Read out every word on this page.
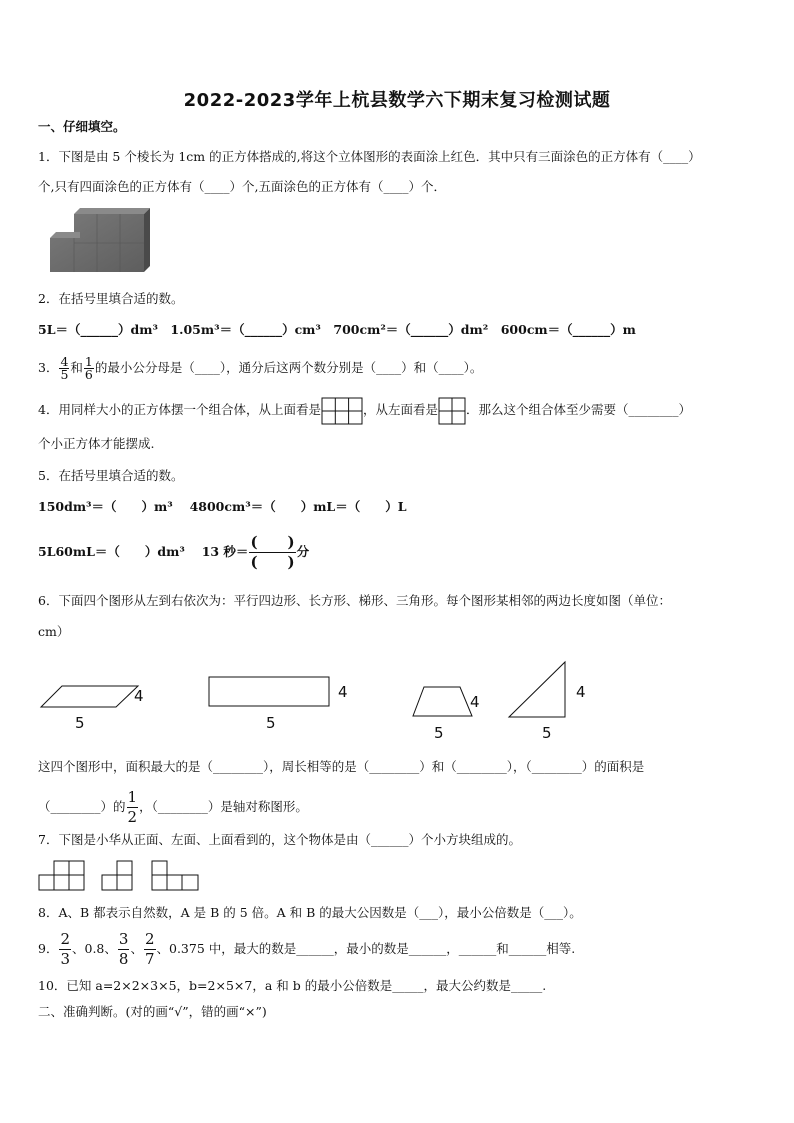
2022-2023学年上杭县数学六下期末复习检测试题
一、仔细填空。
1．下图是由 5 个棱长为 1cm 的正方体搭成的,将这个立体图形的表面涂上红色．其中只有三面涂色的正方体有（____）
个,只有四面涂色的正方体有（____）个,五面涂色的正方体有（____）个．
2．在括号里填合适的数。
5L＝（______）dm³　1.05m³＝（______）cm³　700cm²＝（______）dm²　600cm＝（______）m
3． $\frac{4}{5}$ 和 $\frac{1}{6}$ 的最小公分母是（____），通分后这两个数分别是（____）和（____）。
4．用同样大小的正方体摆一个组合体，从上面看是	，从左面看是 ．那么这个组合体至少需要（________）
个小正方体才能摆成.
5．在括号里填合适的数。
150dm³＝（　　）m³　 4800cm³＝（　　）mL＝（　　）L
5L60mL＝（　　）dm³　 13 秒＝ $\frac{( )}{( )}$ 分
6．下面四个图形从左到右依次为：平行四边形、长方形、梯形、三角形。每个图形某相邻的两边长度如图（单位：
cm）
4
5
4
5
4
5
4
5
这四个图形中，面积最大的是（________），周长相等的是（________）和（________），（________）的面积是
（________）的 $\frac{1}{2}$ ，（________）是轴对称图形。
7．下图是小华从正面、左面、上面看到的，这个物体是由（______）个小方块组成的。
8．A、B 都表示自然数，A 是 B 的 5 倍。A 和 B 的最大公因数是（___），最小公倍数是（___）。
9． $\frac{2}{3}$ 、0.8、 $\frac{3}{8}$ 、 $\frac{2}{7}$ 、0.375 中，最大的数是______，最小的数是______，______和______相等.
10．已知 a=2×2×3×5，b=2×5×7，a 和 b 的最小公倍数是_____，最大公约数是_____.
二、准确判断。(对的画“√”，错的画“×”)
